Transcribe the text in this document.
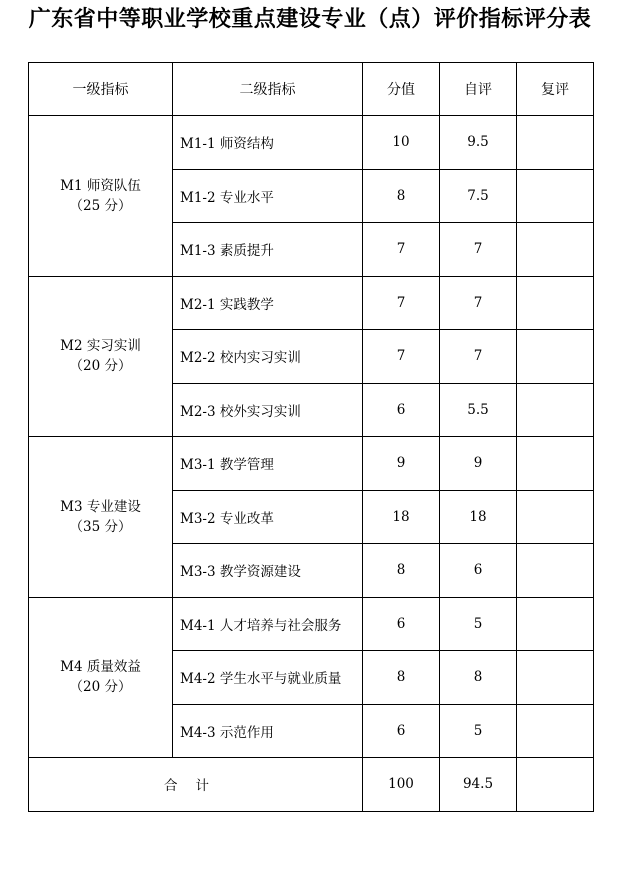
广东省中等职业学校重点建设专业（点）评价指标评分表
一级指标	二级指标	分值	自评	复评

M1 师资队伍
（25 分）	M1-1 师资结构	10	9.5	
	M1-2 专业水平	8	7.5	
	M1-3 素质提升	7	7	

M2 实习实训
（20 分）	M2-1 实践教学	7	7	
	M2-2 校内实习实训	7	7	
	M2-3 校外实习实训	6	5.5	

M3 专业建设
（35 分）	M3-1 教学管理	9	9	
	M3-2 专业改革	18	18	
	M3-3 教学资源建设	8	6	

M4 质量效益
（20 分）	M4-1 人才培养与社会服务	6	5	
	M4-2 学生水平与就业质量	8	8	
	M4-3 示范作用	6	5	
合计		100	94.5	
